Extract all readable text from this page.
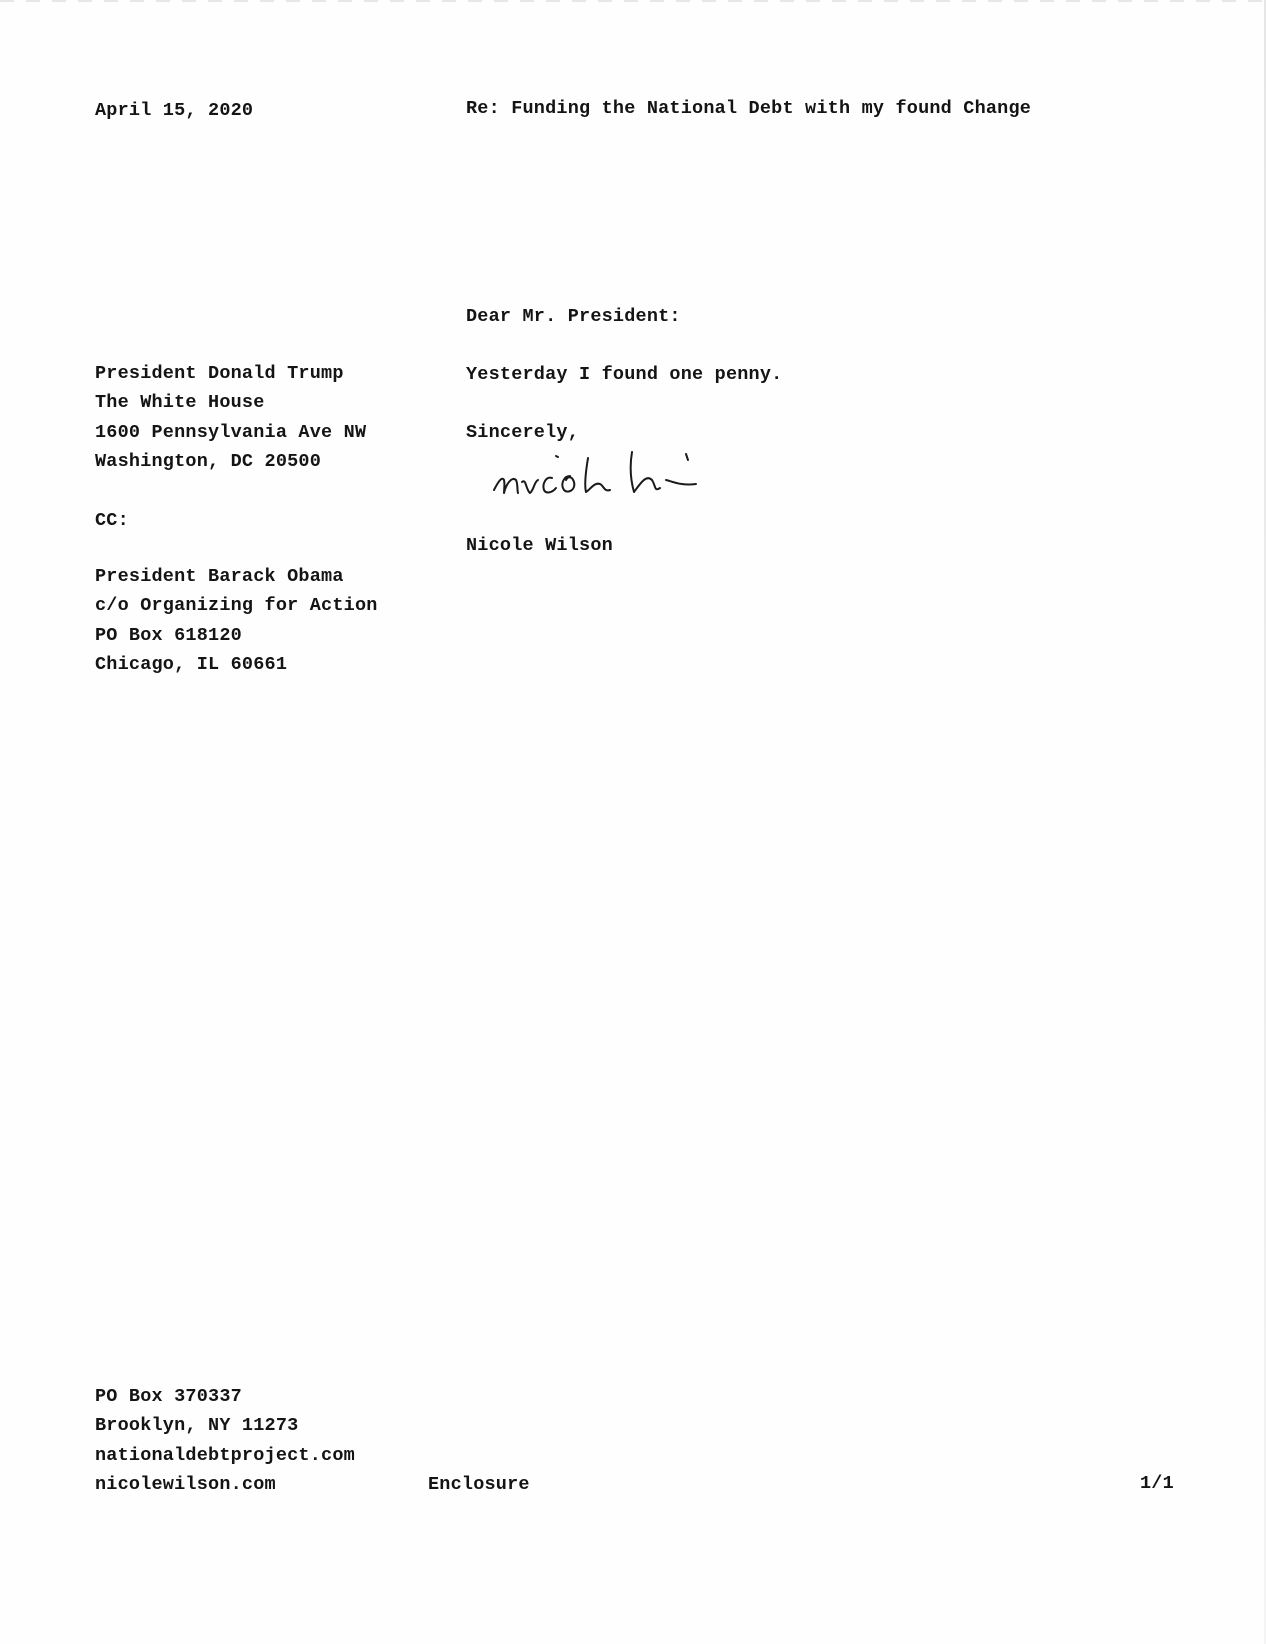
April 15, 2020	Re: Funding the National Debt with my found Change
Dear Mr. President:
President Donald Trump
The White House
1600 Pennsylvania Ave NW
Washington, DC 20500
Yesterday I found one penny.
Sincerely,
Nicole Wilson
CC:
President Barack Obama
c/o Organizing for Action
PO Box 618120
Chicago, IL 60661
PO Box 370337
Brooklyn, NY 11273
nationaldebtproject.com
nicolewilson.com	Enclosure	1/1
